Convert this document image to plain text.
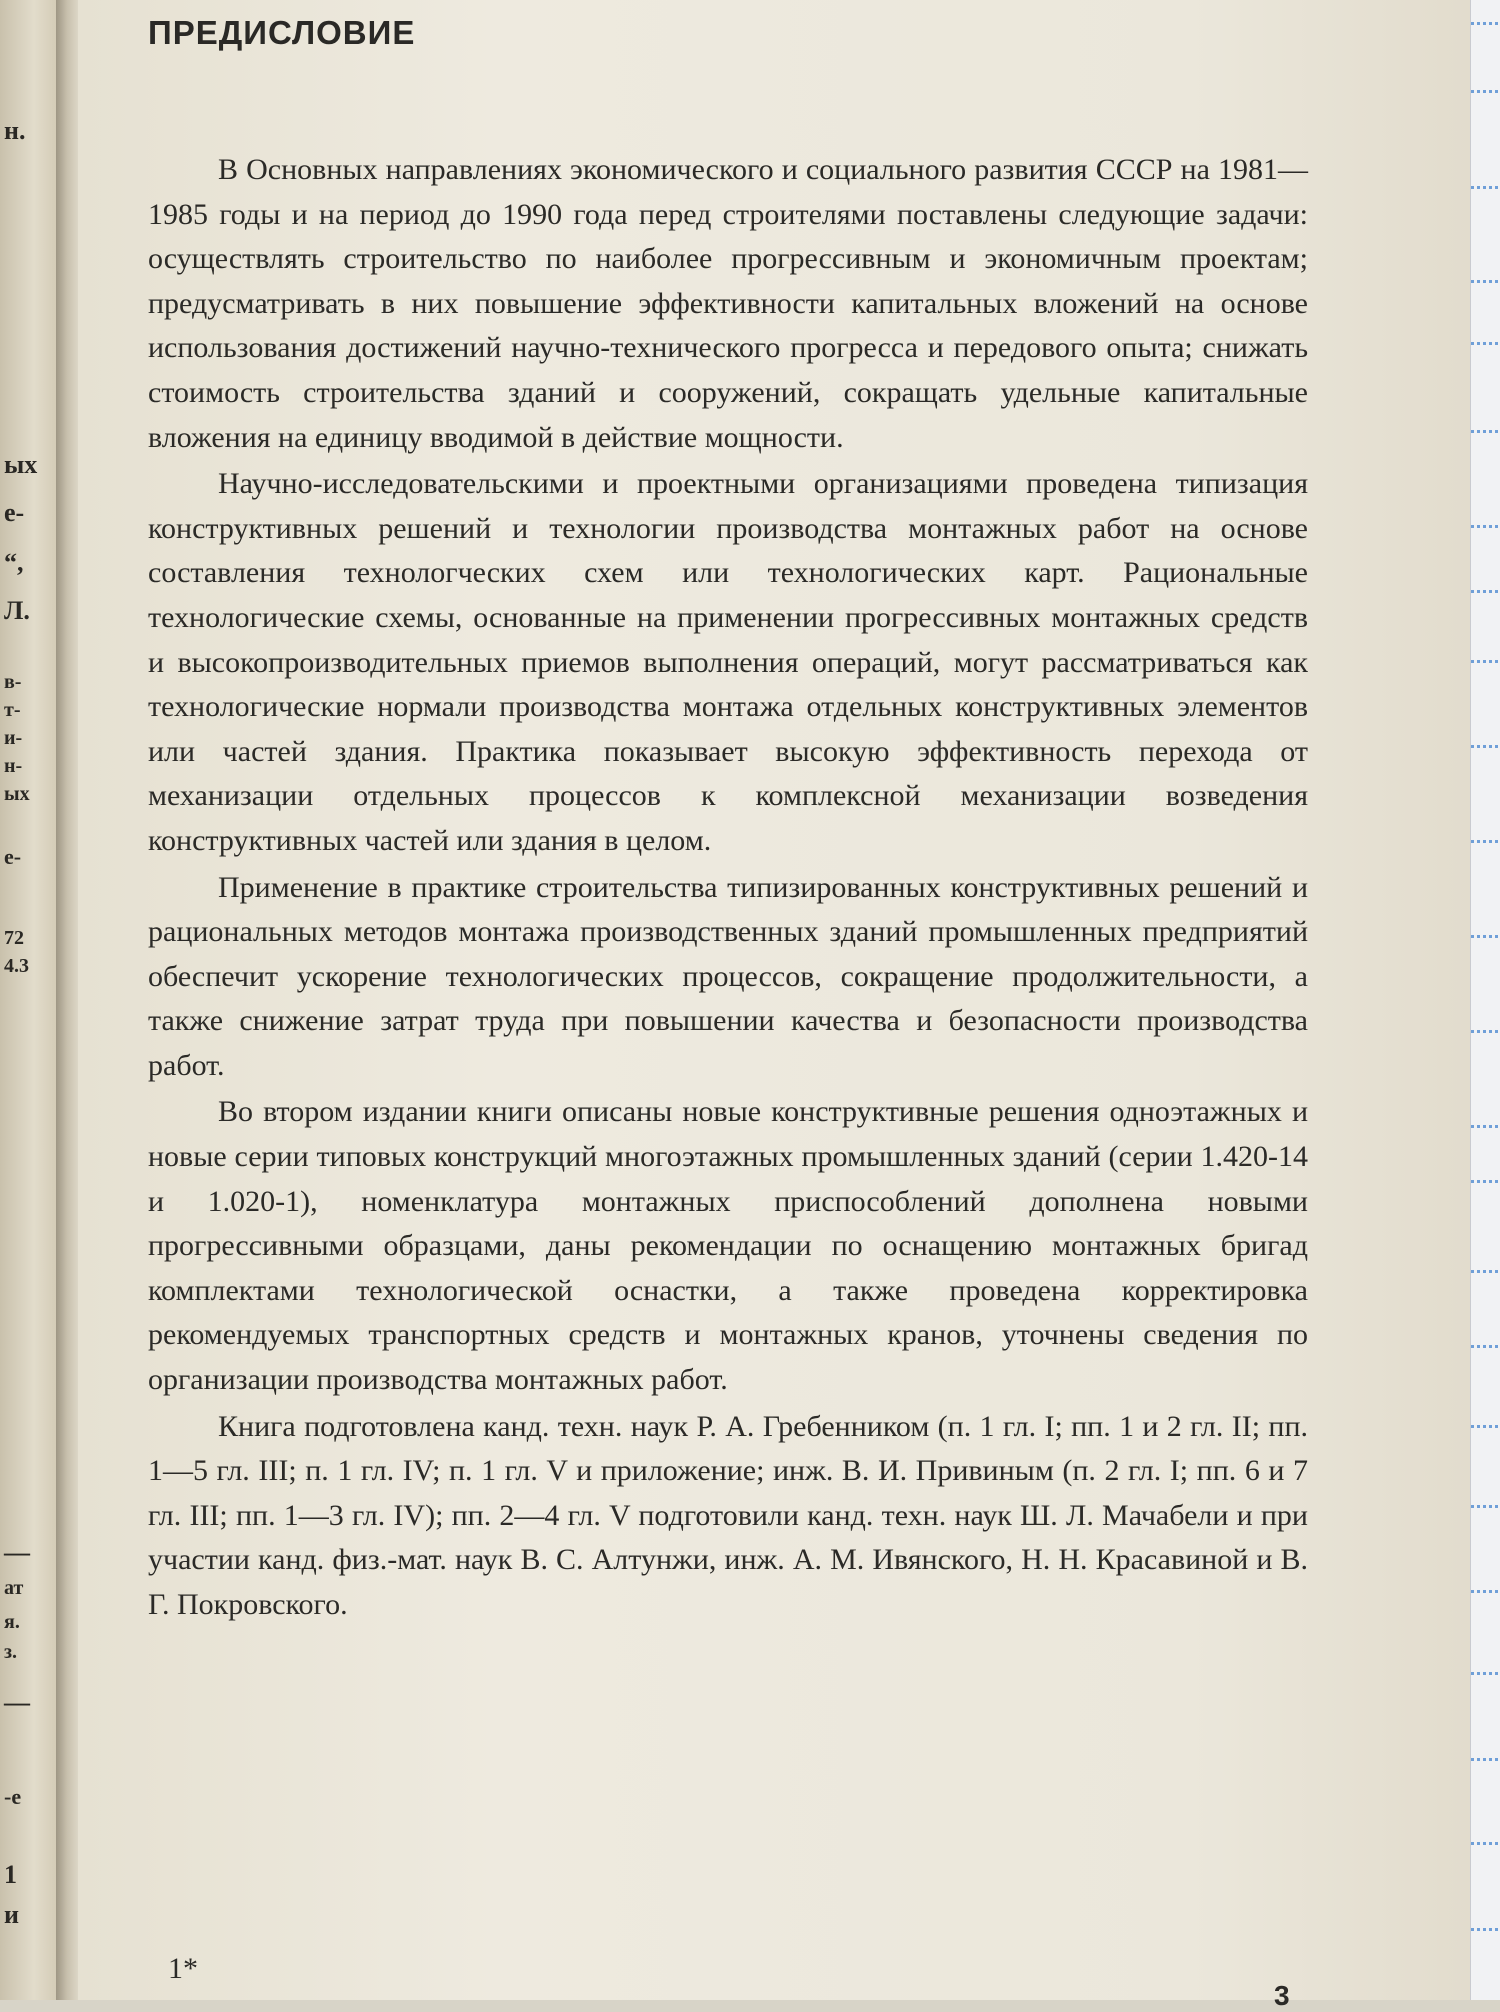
н.
ых
е-
“,
Л.
в-
т-
и-
н-
ых
е-
72
4.3
—
ат
я.
з.
—
-е
1
и
ПРЕДИСЛОВИЕ

В Основных направлениях экономического и социального развития СССР на 1981—1985 годы и на период до 1990 года перед строителями поставлены следующие задачи: осуществлять строительство по наиболее прогрессивным и экономичным проектам; предусматривать в них повышение эффективности капитальных вложений на основе использования достижений научно-технического прогресса и передового опыта; снижать стоимость строительства зданий и сооружений, сокращать удельные капитальные вложения на единицу вводимой в действие мощности.

Научно-исследовательскими и проектными организациями проведена типизация конструктивных решений и технологии производства монтажных работ на основе составления технологческих схем или технологических карт. Рациональные технологические схемы, основанные на применении прогрессивных монтажных средств и высокопроизводительных приемов выполнения операций, могут рассматриваться как технологические нормали производства монтажа отдельных конструктивных элементов или частей здания. Практика показывает высокую эффективность перехода от механизации отдельных процессов к комплексной механизации возведения конструктивных частей или здания в целом.

Применение в практике строительства типизированных конструктивных решений и рациональных методов монтажа производственных зданий промышленных предприятий обеспечит ускорение технологических процессов, сокращение продолжительности, а также снижение затрат труда при повышении качества и безопасности производства работ.

Во втором издании книги описаны новые конструктивные решения одноэтажных и новые серии типовых конструкций многоэтажных промышленных зданий (серии 1.420-14 и 1.020-1), номенклатура монтажных приспособлений дополнена новыми прогрессивными образцами, даны рекомендации по оснащению монтажных бригад комплектами технологической оснастки, а также проведена корректировка рекомендуемых транспортных средств и монтажных кранов, уточнены сведения по организации производства монтажных работ.

Книга подготовлена канд. техн. наук Р. А. Гребенником (п. 1 гл. I; пп. 1 и 2 гл. II; пп. 1—5 гл. III; п. 1 гл. IV; п. 1 гл. V и приложение; инж. В. И. Привиным (п. 2 гл. I; пп. 6 и 7 гл. III; пп. 1—3 гл. IV); пп. 2—4 гл. V подготовили канд. техн. наук Ш. Л. Мачабели и при участии канд. физ.-мат. наук В. С. Алтунжи, инж. А. М. Ивянского, Н. Н. Красавиной и В. Г. Покровского.

1*
3
